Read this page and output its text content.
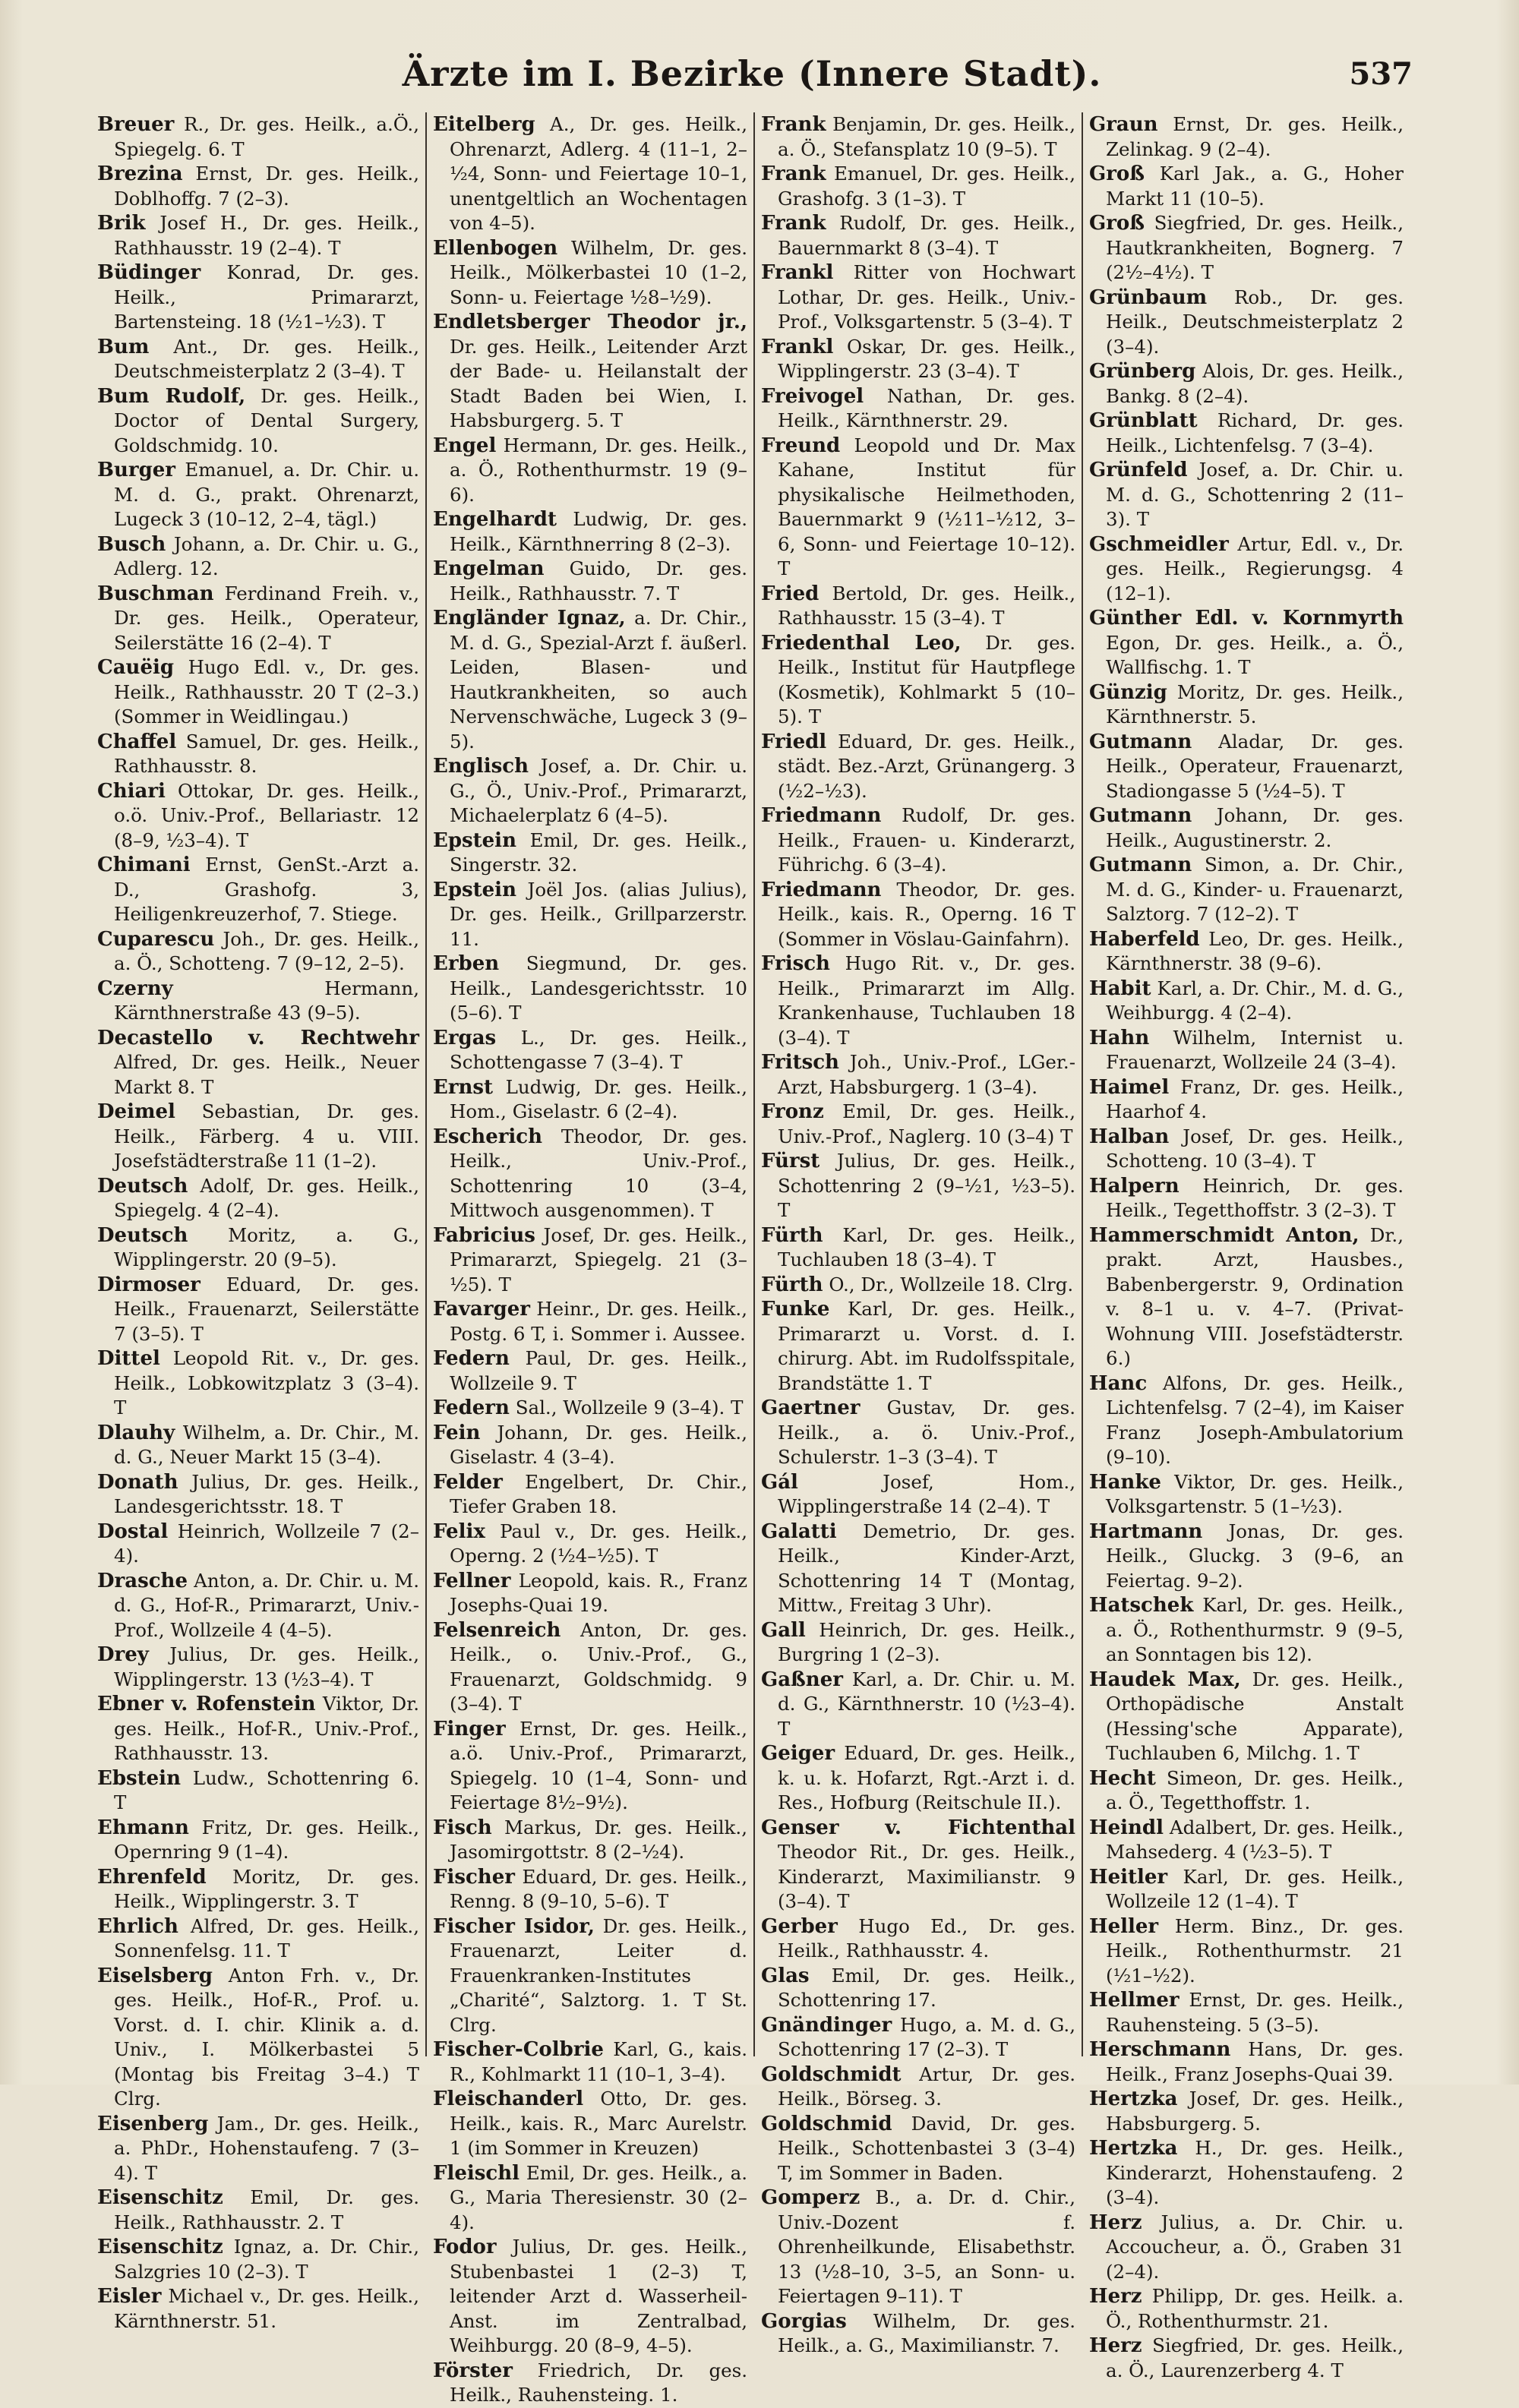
Ärzte im I. Bezirke (Innere Stadt).	537
Breuer R., Dr. ges. Heilk., a.Ö., Spiegelg. 6. T
Brezina Ernst, Dr. ges. Heilk., Doblhoffg. 7 (2–3).
Brik Josef H., Dr. ges. Heilk., Rathhausstr. 19 (2–4). T
Büdinger Konrad, Dr. ges. Heilk., Primararzt, Bartensteing. 18 (½1–½3). T
Bum Ant., Dr. ges. Heilk., Deutschmeisterplatz 2 (3–4). T
Bum Rudolf, Dr. ges. Heilk., Doctor of Dental Surgery, Goldschmidg. 10.
Burger Emanuel, a. Dr. Chir. u. M. d. G., prakt. Ohrenarzt, Lugeck 3 (10–12, 2–4, tägl.)
Busch Johann, a. Dr. Chir. u. G., Adlerg. 12.
Buschman Ferdinand Freih. v., Dr. ges. Heilk., Operateur, Seilerstätte 16 (2–4). T
Cauëig Hugo Edl. v., Dr. ges. Heilk., Rathhausstr. 20 T (2–3.) (Sommer in Weidlingau.)
Chaffel Samuel, Dr. ges. Heilk., Rathhausstr. 8.
Chiari Ottokar, Dr. ges. Heilk., o.ö. Univ.-Prof., Bellariastr. 12 (8–9, ½3–4). T
Chimani Ernst, GenSt.-Arzt a. D., Grashofg. 3, Heiligenkreuzerhof, 7. Stiege.
Cuparescu Joh., Dr. ges. Heilk., a. Ö., Schotteng. 7 (9–12, 2–5).
Czerny	Hermann, Kärnthnerstraße 43 (9–5).
Decastello v. Rechtwehr Alfred, Dr. ges. Heilk., Neuer Markt 8. T
Deimel Sebastian, Dr. ges. Heilk., Färberg. 4 u. VIII. Josefstädterstraße 11 (1–2).
Deutsch Adolf, Dr. ges. Heilk., Spiegelg. 4 (2–4).
Deutsch Moritz, a. G., Wipplingerstr. 20 (9–5).
Dirmoser Eduard, Dr. ges. Heilk., Frauenarzt, Seilerstätte 7 (3–5). T
Dittel Leopold Rit. v., Dr. ges. Heilk., Lobkowitzplatz 3 (3–4). T
Dlauhy Wilhelm, a. Dr. Chir., M. d. G., Neuer Markt 15 (3–4).
Donath Julius, Dr. ges. Heilk., Landesgerichtsstr. 18. T
Dostal Heinrich, Wollzeile 7 (2–4).
Drasche Anton, a. Dr. Chir. u. M. d. G., Hof-R., Primararzt, Univ.-Prof., Wollzeile 4 (4–5).
Drey Julius, Dr. ges. Heilk., Wipplingerstr. 13 (½3–4). T
Ebner v. Rofenstein Viktor, Dr. ges. Heilk., Hof-R., Univ.-Prof., Rathhausstr. 13.
Ebstein Ludw., Schottenring 6. T
Ehmann Fritz, Dr. ges. Heilk., Opernring 9 (1–4).
Ehrenfeld Moritz, Dr. ges. Heilk., Wipplingerstr. 3. T
Ehrlich Alfred, Dr. ges. Heilk., Sonnenfelsg. 11. T
Eiselsberg Anton Frh. v., Dr. ges. Heilk., Hof-R., Prof. u. Vorst. d. I. chir. Klinik a. d. Univ., I. Mölkerbastei 5 (Montag bis Freitag 3–4.) T Clrg.
Eisenberg Jam., Dr. ges. Heilk., a. PhDr., Hohenstaufeng. 7 (3–4). T
Eisenschitz Emil, Dr. ges. Heilk., Rathhausstr. 2. T
Eisenschitz Ignaz, a. Dr. Chir., Salzgries 10 (2–3). T
Eisler Michael v., Dr. ges. Heilk., Kärnthnerstr. 51.
Eitelberg A., Dr. ges. Heilk., Ohrenarzt, Adlerg. 4 (11–1, 2–½4, Sonn- und Feiertage 10–1, unentgeltlich an Wochentagen von 4–5).
Ellenbogen Wilhelm, Dr. ges. Heilk., Mölkerbastei 10 (1–2, Sonn- u. Feiertage ½8–½9).
Endletsberger Theodor jr., Dr. ges. Heilk., Leitender Arzt der Bade- u. Heilanstalt der Stadt Baden bei Wien, I. Habsburgerg. 5. T
Engel Hermann, Dr. ges. Heilk., a. Ö., Rothenthurmstr. 19 (9–6).
Engelhardt Ludwig, Dr. ges. Heilk., Kärnthnerring 8 (2–3).
Engelman Guido, Dr. ges. Heilk., Rathhausstr. 7. T
Engländer Ignaz, a. Dr. Chir., M. d. G., Spezial-Arzt f. äußerl. Leiden, Blasen- und Hautkrankheiten, so auch Nervenschwäche, Lugeck 3 (9–5).
Englisch Josef, a. Dr. Chir. u. G., Ö., Univ.-Prof., Primararzt, Michaelerplatz 6 (4–5).
Epstein Emil, Dr. ges. Heilk., Singerstr. 32.
Epstein Joël Jos. (alias Julius), Dr. ges. Heilk., Grillparzerstr. 11.
Erben Siegmund, Dr. ges. Heilk., Landesgerichtsstr. 10 (5–6). T
Ergas L., Dr. ges. Heilk., Schottengasse 7 (3–4). T
Ernst Ludwig, Dr. ges. Heilk., Hom., Giselastr. 6 (2–4).
Escherich Theodor, Dr. ges. Heilk., Univ.-Prof., Schottenring 10 (3–4, Mittwoch ausgenommen). T
Fabricius Josef, Dr. ges. Heilk., Primararzt, Spiegelg. 21 (3–½5). T
Favarger Heinr., Dr. ges. Heilk., Postg. 6 T, i. Sommer i. Aussee.
Federn Paul, Dr. ges. Heilk., Wollzeile 9. T
Federn Sal., Wollzeile 9 (3–4). T
Fein Johann, Dr. ges. Heilk., Giselastr. 4 (3–4).
Felder Engelbert, Dr. Chir., Tiefer Graben 18.
Felix Paul v., Dr. ges. Heilk., Operng. 2 (½4–½5). T
Fellner Leopold, kais. R., Franz Josephs-Quai 19.
Felsenreich Anton, Dr. ges. Heilk., o. Univ.-Prof., G., Frauenarzt, Goldschmidg. 9 (3–4). T
Finger Ernst, Dr. ges. Heilk., a.ö. Univ.-Prof., Primararzt, Spiegelg. 10 (1–4, Sonn- und Feiertage 8½–9½).
Fisch Markus, Dr. ges. Heilk., Jasomirgottstr. 8 (2–½4).
Fischer Eduard, Dr. ges. Heilk., Renng. 8 (9–10, 5–6). T
Fischer Isidor, Dr. ges. Heilk., Frauenarzt, Leiter d. Frauenkranken-Institutes „Charité“, Salztorg. 1. T St. Clrg.
Fischer-Colbrie Karl, G., kais. R., Kohlmarkt 11 (10–1, 3–4).
Fleischanderl Otto, Dr. ges. Heilk., kais. R., Marc Aurelstr. 1 (im Sommer in Kreuzen)
Fleischl Emil, Dr. ges. Heilk., a. G., Maria Theresienstr. 30 (2–4).
Fodor Julius, Dr. ges. Heilk., Stubenbastei 1 (2–3) T, leitender Arzt d. Wasserheil-Anst. im Zentralbad, Weihburgg. 20 (8–9, 4–5).
Förster Friedrich, Dr. ges. Heilk., Rauhensteing. 1.
Frank Benjamin, Dr. ges. Heilk., a. Ö., Stefansplatz 10 (9–5). T
Frank Emanuel, Dr. ges. Heilk., Grashofg. 3 (1–3). T
Frank Rudolf, Dr. ges. Heilk., Bauernmarkt 8 (3–4). T
Frankl Ritter von Hochwart Lothar, Dr. ges. Heilk., Univ.-Prof., Volksgartenstr. 5 (3–4). T
Frankl Oskar, Dr. ges. Heilk., Wipplingerstr. 23 (3–4). T
Freivogel Nathan, Dr. ges. Heilk., Kärnthnerstr. 29.
Freund Leopold und Dr. Max Kahane, Institut für physikalische Heilmethoden, Bauernmarkt 9 (½11–½12, 3–6, Sonn- und Feiertage 10–12). T
Fried Bertold, Dr. ges. Heilk., Rathhausstr. 15 (3–4). T
Friedenthal Leo, Dr. ges. Heilk., Institut für Hautpflege (Kosmetik), Kohlmarkt 5 (10–5). T
Friedl Eduard, Dr. ges. Heilk., städt. Bez.-Arzt, Grünangerg. 3 (½2–½3).
Friedmann Rudolf, Dr. ges. Heilk., Frauen- u. Kinderarzt, Führichg. 6 (3–4).
Friedmann Theodor, Dr. ges. Heilk., kais. R., Operng. 16 T (Sommer in Vöslau-Gainfahrn).
Frisch Hugo Rit. v., Dr. ges. Heilk., Primararzt im Allg. Krankenhause, Tuchlauben 18 (3–4). T
Fritsch Joh., Univ.-Prof., LGer.-Arzt, Habsburgerg. 1 (3–4).
Fronz Emil, Dr. ges. Heilk., Univ.-Prof., Naglerg. 10 (3–4) T
Fürst Julius, Dr. ges. Heilk., Schottenring 2 (9–½1, ½3–5). T
Fürth Karl, Dr. ges. Heilk., Tuchlauben 18 (3–4). T
Fürth O., Dr., Wollzeile 18. Clrg.
Funke Karl, Dr. ges. Heilk., Primararzt u. Vorst. d. I. chirurg. Abt. im Rudolfsspitale, Brandstätte 1. T
Gaertner Gustav, Dr. ges. Heilk., a. ö. Univ.-Prof., Schulerstr. 1–3 (3–4). T
Gál	Josef, Hom., Wipplingerstraße 14 (2–4). T
Galatti Demetrio, Dr. ges. Heilk., Kinder-Arzt, Schottenring 14 T (Montag, Mittw., Freitag 3 Uhr).
Gall Heinrich, Dr. ges. Heilk., Burgring 1 (2–3).
Gaßner Karl, a. Dr. Chir. u. M. d. G., Kärnthnerstr. 10 (½3–4). T
Geiger Eduard, Dr. ges. Heilk., k. u. k. Hofarzt, Rgt.-Arzt i. d. Res., Hofburg (Reitschule II.).
Genser v. Fichtenthal Theodor Rit., Dr. ges. Heilk., Kinderarzt, Maximilianstr. 9 (3–4). T
Gerber Hugo Ed., Dr. ges. Heilk., Rathhausstr. 4.
Glas Emil, Dr. ges. Heilk., Schottenring 17.
Gnändinger Hugo, a. M. d. G., Schottenring 17 (2–3). T
Goldschmidt Artur, Dr. ges. Heilk., Börseg. 3.
Goldschmid David, Dr. ges. Heilk., Schottenbastei 3 (3–4) T, im Sommer in Baden.
Gomperz B., a. Dr. d. Chir., Univ.-Dozent f. Ohrenheilkunde, Elisabethstr. 13 (½8–10, 3–5, an Sonn- u. Feiertagen 9–11). T
Gorgias Wilhelm, Dr. ges. Heilk., a. G., Maximilianstr. 7.
Graun Ernst, Dr. ges. Heilk., Zelinkag. 9 (2–4).
Groß Karl Jak., a. G., Hoher Markt 11 (10–5).
Groß Siegfried, Dr. ges. Heilk., Hautkrankheiten, Bognerg. 7 (2½–4½). T
Grünbaum Rob., Dr. ges. Heilk., Deutschmeisterplatz 2 (3–4).
Grünberg Alois, Dr. ges. Heilk., Bankg. 8 (2–4).
Grünblatt Richard, Dr. ges. Heilk., Lichtenfelsg. 7 (3–4).
Grünfeld Josef, a. Dr. Chir. u. M. d. G., Schottenring 2 (11–3). T
Gschmeidler Artur, Edl. v., Dr. ges. Heilk., Regierungsg. 4 (12–1).
Günther Edl. v. Kornmyrth Egon, Dr. ges. Heilk., a. Ö., Wallfischg. 1. T
Günzig Moritz, Dr. ges. Heilk., Kärnthnerstr. 5.
Gutmann Aladar, Dr. ges. Heilk., Operateur, Frauenarzt, Stadiongasse 5 (½4–5). T
Gutmann Johann, Dr. ges. Heilk., Augustinerstr. 2.
Gutmann Simon, a. Dr. Chir., M. d. G., Kinder- u. Frauenarzt, Salztorg. 7 (12–2). T
Haberfeld Leo, Dr. ges. Heilk., Kärnthnerstr. 38 (9–6).
Habit Karl, a. Dr. Chir., M. d. G., Weihburgg. 4 (2–4).
Hahn Wilhelm, Internist u. Frauenarzt, Wollzeile 24 (3–4).
Haimel Franz, Dr. ges. Heilk., Haarhof 4.
Halban Josef, Dr. ges. Heilk., Schotteng. 10 (3–4). T
Halpern Heinrich, Dr. ges. Heilk., Tegetthoffstr. 3 (2–3). T
Hammerschmidt Anton, Dr., prakt. Arzt, Hausbes., Babenbergerstr. 9, Ordination v. 8–1 u. v. 4–7. (Privat-Wohnung VIII. Josefstädterstr. 6.)
Hanc Alfons, Dr. ges. Heilk., Lichtenfelsg. 7 (2–4), im Kaiser Franz Joseph-Ambulatorium (9–10).
Hanke Viktor, Dr. ges. Heilk., Volksgartenstr. 5 (1–½3).
Hartmann Jonas, Dr. ges. Heilk., Gluckg. 3 (9–6, an Feiertag. 9–2).
Hatschek Karl, Dr. ges. Heilk., a. Ö., Rothenthurmstr. 9 (9–5, an Sonntagen bis 12).
Haudek Max, Dr. ges. Heilk., Orthopädische Anstalt (Hessing'sche Apparate), Tuchlauben 6, Milchg. 1. T
Hecht Simeon, Dr. ges. Heilk., a. Ö., Tegetthoffstr. 1.
Heindl Adalbert, Dr. ges. Heilk., Mahsederg. 4 (½3–5). T
Heitler Karl, Dr. ges. Heilk., Wollzeile 12 (1–4). T
Heller Herm. Binz., Dr. ges. Heilk., Rothenthurmstr. 21 (½1–½2).
Hellmer Ernst, Dr. ges. Heilk., Rauhensteing. 5 (3–5).
Herschmann Hans, Dr. ges. Heilk., Franz Josephs-Quai 39.
Hertzka Josef, Dr. ges. Heilk., Habsburgerg. 5.
Hertzka H., Dr. ges. Heilk., Kinderarzt, Hohenstaufeng. 2 (3–4).
Herz Julius, a. Dr. Chir. u. Accoucheur, a. Ö., Graben 31 (2–4).
Herz Philipp, Dr. ges. Heilk. a. Ö., Rothenthurmstr. 21.
Herz Siegfried, Dr. ges. Heilk., a. Ö., Laurenzerberg 4. T
